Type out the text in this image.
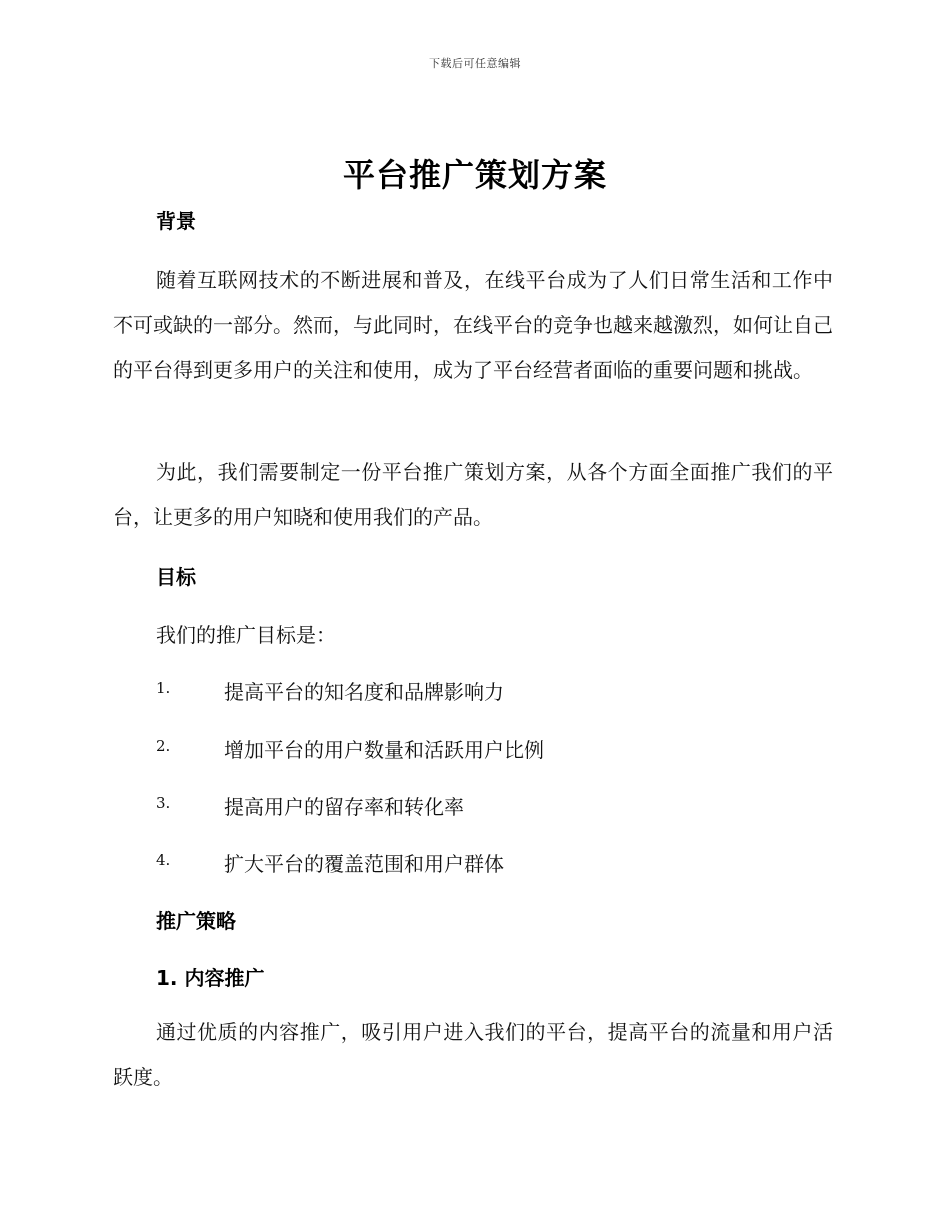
下载后可任意编辑
平台推广策划方案
背景

随着互联网技术的不断进展和普及，在线平台成为了人们日常生活和工作中不可或缺的一部分。然而，与此同时，在线平台的竞争也越来越激烈，如何让自己的平台得到更多用户的关注和使用，成为了平台经营者面临的重要问题和挑战。

为此，我们需要制定一份平台推广策划方案，从各个方面全面推广我们的平台，让更多的用户知晓和使用我们的产品。

目标

我们的推广目标是：

1.	提高平台的知名度和品牌影响力
2.	增加平台的用户数量和活跃用户比例
3.	提高用户的留存率和转化率
4.	扩大平台的覆盖范围和用户群体
推广策略
1. 内容推广

通过优质的内容推广，吸引用户进入我们的平台，提高平台的流量和用户活跃度。
